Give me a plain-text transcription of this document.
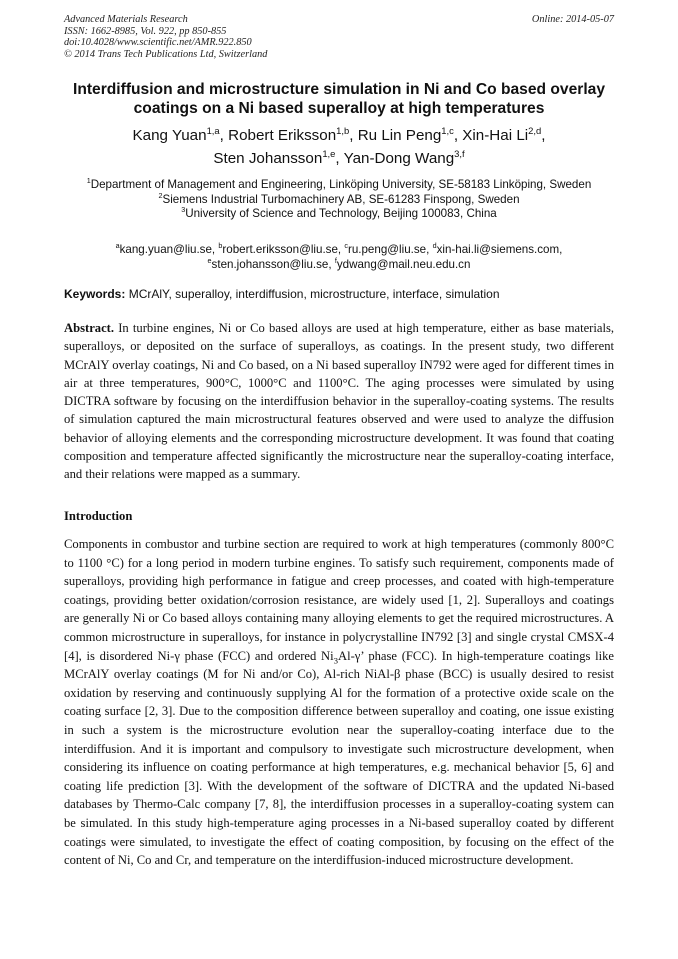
Advanced Materials Research
ISSN: 1662-8985, Vol. 922, pp 850-855
doi:10.4028/www.scientific.net/AMR.922.850
© 2014 Trans Tech Publications Ltd, Switzerland
Online: 2014-05-07
Interdiffusion and microstructure simulation in Ni and Co based overlay coatings on a Ni based superalloy at high temperatures
Kang Yuan$^{1,a}$, Robert Eriksson$^{1,b}$, Ru Lin Peng$^{1,c}$, Xin-Hai Li$^{2,d}$,
Sten Johansson$^{1,e}$, Yan-Dong Wang$^{3,f}$
$^1$Department of Management and Engineering, Linköping University, SE-58183 Linköping, Sweden
$^2$Siemens Industrial Turbomachinery AB, SE-61283 Finspong, Sweden
$^3$University of Science and Technology, Beijing 100083, China
$^a$kang.yuan@liu.se, $^b$robert.eriksson@liu.se, $^c$ru.peng@liu.se, $^d$xin-hai.li@siemens.com,
$^e$sten.johansson@liu.se, $^f$ydwang@mail.neu.edu.cn
Keywords: MCrAlY, superalloy, interdiffusion, microstructure, interface, simulation
Abstract. In turbine engines, Ni or Co based alloys are used at high temperature, either as base materials, superalloys, or deposited on the surface of superalloys, as coatings. In the present study, two different MCrAlY overlay coatings, Ni and Co based, on a Ni based superalloy IN792 were aged for different times in air at three temperatures, 900°C, 1000°C and 1100°C. The aging processes were simulated by using DICTRA software by focusing on the interdiffusion behavior in the superalloy-coating systems. The results of simulation captured the main microstructural features observed and were used to analyze the diffusion behavior of alloying elements and the corresponding microstructure development. It was found that coating composition and temperature affected significantly the microstructure near the superalloy-coating interface, and their relations were mapped as a summary.
Introduction
Components in combustor and turbine section are required to work at high temperatures (commonly 800°C to 1100 °C) for a long period in modern turbine engines. To satisfy such requirement, components made of superalloys, providing high performance in fatigue and creep processes, and coated with high-temperature coatings, providing better oxidation/corrosion resistance, are widely used [1, 2]. Superalloys and coatings are generally Ni or Co based alloys containing many alloying elements to get the required microstructures. A common microstructure in superalloys, for instance in polycrystalline IN792 [3] and single crystal CMSX-4 [4], is disordered Ni-γ phase (FCC) and ordered $Ni_3Al-\gamma$’ phase (FCC). In high-temperature coatings like MCrAlY overlay coatings (M for Ni and/or Co), Al-rich NiAl-β phase (BCC) is usually desired to resist oxidation by reserving and continuously supplying Al for the formation of a protective oxide scale on the coating surface [2, 3]. Due to the composition difference between superalloy and coating, one issue existing in such a system is the microstructure evolution near the superalloy-coating interface due to the interdiffusion. And it is important and compulsory to investigate such microstructure development, when considering its influence on coating performance at high temperatures, e.g. mechanical behavior [5, 6] and coating life prediction [3]. With the development of the software of DICTRA and the updated Ni-based databases by Thermo-Calc company [7, 8], the interdiffusion processes in a superalloy-coating system can be simulated. In this study high-temperature aging processes in a Ni-based superalloy coated by different coatings were simulated, to investigate the effect of coating composition, by focusing on the effect of the content of Ni, Co and Cr, and temperature on the interdiffusion-induced microstructure development.
